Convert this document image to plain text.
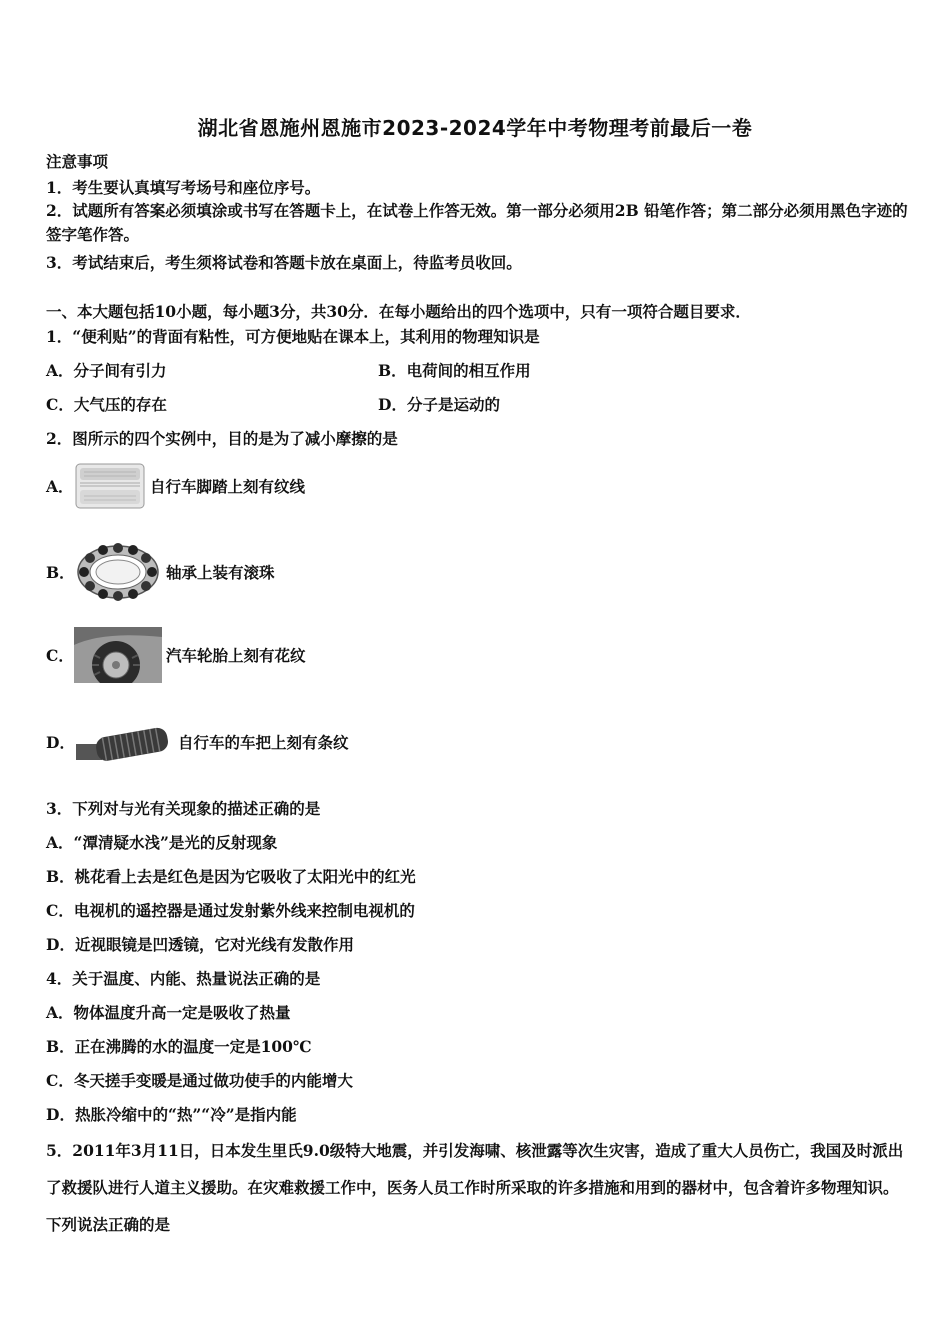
湖北省恩施州恩施市2023-2024学年中考物理考前最后一卷
注意事项
1．考生要认真填写考场号和座位序号。
2．试题所有答案必须填涂或书写在答题卡上，在试卷上作答无效。第一部分必须用2B 铅笔作答；第二部分必须用黑色字迹的签字笔作答。
3．考试结束后，考生须将试卷和答题卡放在桌面上，待监考员收回。
一、本大题包括10小题，每小题3分，共30分．在每小题给出的四个选项中，只有一项符合题目要求．
1．“便利贴”的背面有粘性，可方便地贴在课本上，其利用的物理知识是
A．分子间有引力	B．电荷间的相互作用
C．大气压的存在	D．分子是运动的
2．图所示的四个实例中，目的是为了减小摩擦的是
A．	自行车脚踏上刻有纹线
B．	轴承上装有滚珠
C．	汽车轮胎上刻有花纹
D．	自行车的车把上刻有条纹
3．下列对与光有关现象的描述正确的是
A．“潭清疑水浅”是光的反射现象
B．桃花看上去是红色是因为它吸收了太阳光中的红光
C．电视机的遥控器是通过发射紫外线来控制电视机的
D．近视眼镜是凹透镜，它对光线有发散作用
4．关于温度、内能、热量说法正确的是
A．物体温度升高一定是吸收了热量
B．正在沸腾的水的温度一定是100℃
C．冬天搓手变暖是通过做功使手的内能增大
D．热胀冷缩中的“热”“冷”是指内能
5．2011年3月11日，日本发生里氏9.0级特大地震，并引发海啸、核泄露等次生灾害，造成了重大人员伤亡，我国及时派出了救援队进行人道主义援助。在灾难救援工作中，医务人员工作时所采取的许多措施和用到的器材中，包含着许多物理知识。下列说法正确的是
